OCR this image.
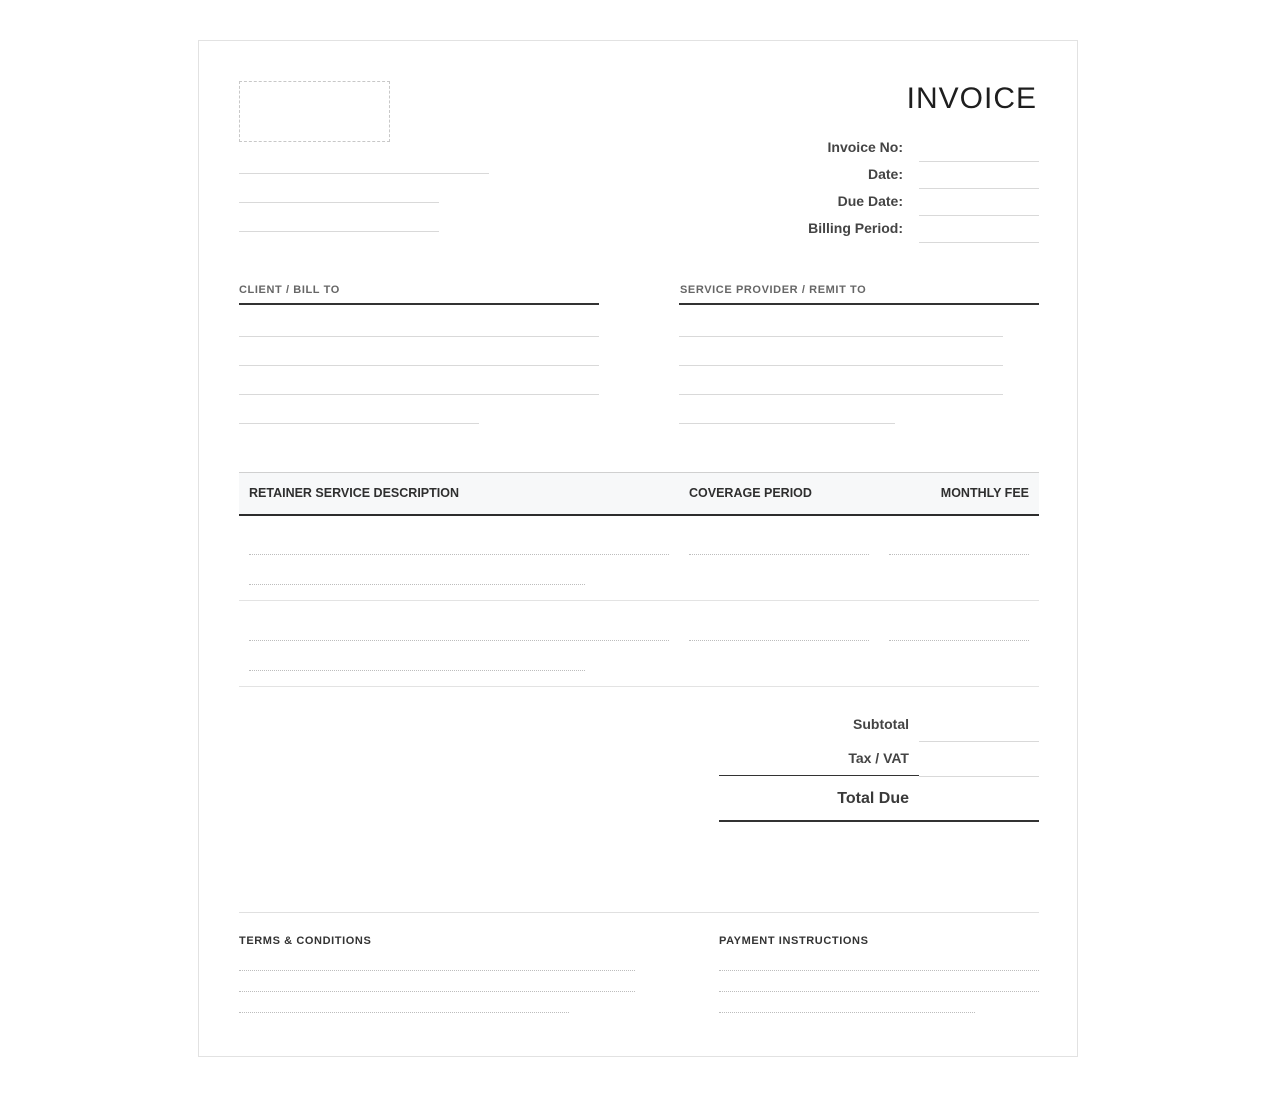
INVOICE
Invoice No:
Date:
Due Date:
Billing Period:
CLIENT / BILL TO	SERVICE PROVIDER / REMIT TO
RETAINER SERVICE DESCRIPTION	COVERAGE PERIOD	MONTHLY FEE
Subtotal
Tax / VAT
Total Due
TERMS & CONDITIONS	PAYMENT INSTRUCTIONS
